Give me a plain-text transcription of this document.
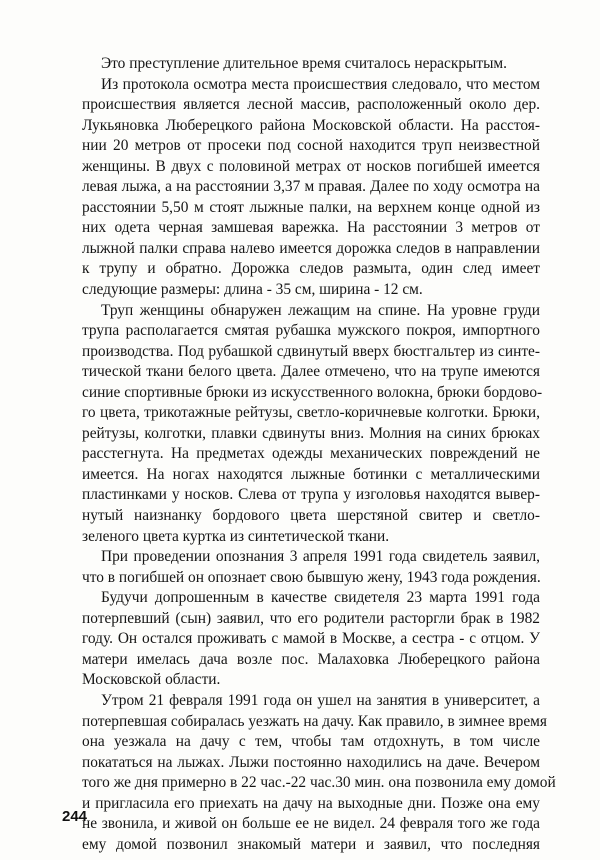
Это преступление длительное время считалось нераскрытым.
Из протокола осмотра места происшествия следовало, что местом
происшествия является лесной массив, расположенный около дер.
Лукьяновка Люберецкого района Московской области. На расстоя-
нии 20 метров от просеки под сосной находится труп неизвестной
женщины. В двух с половиной метрах от носков погибшей имеется
левая лыжа, а на расстоянии 3,37 м правая. Далее по ходу осмотра на
расстоянии 5,50 м стоят лыжные палки, на верхнем конце одной из
них одета черная замшевая варежка. На расстоянии 3 метров от
лыжной палки справа налево имеется дорожка следов в направлении
к трупу и обратно. Дорожка следов размыта, один след имеет
следующие размеры: длина - 35 см, ширина - 12 см.
Труп женщины обнаружен лежащим на спине. На уровне груди
трупа располагается смятая рубашка мужского покроя, импортного
производства. Под рубашкой сдвинутый вверх бюстгальтер из синте-
тической ткани белого цвета. Далее отмечено, что на трупе имеются
синие спортивные брюки из искусственного волокна, брюки бордово-
го цвета, трикотажные рейтузы, светло-коричневые колготки. Брюки,
рейтузы, колготки, плавки сдвинуты вниз. Молния на синих брюках
расстегнута. На предметах одежды механических повреждений не
имеется. На ногах находятся лыжные ботинки с металлическими
пластинками у носков. Слева от трупа у изголовья находятся вывер-
нутый наизнанку бордового цвета шерстяной свитер и светло-
зеленого цвета куртка из синтетической ткани.
При проведении опознания 3 апреля 1991 года свидетель заявил,
что в погибшей он опознает свою бывшую жену, 1943 года рождения.
Будучи допрошенным в качестве свидетеля 23 марта 1991 года
потерпевший (сын) заявил, что его родители расторгли брак в 1982
году. Он остался проживать с мамой в Москве, а сестра - с отцом. У
матери имелась дача возле пос. Малаховка Люберецкого района
Московской области.
Утром 21 февраля 1991 года он ушел на занятия в университет, а
потерпевшая собиралась уезжать на дачу. Как правило, в зимнее время
она уезжала на дачу с тем, чтобы там отдохнуть, в том числе
покататься на лыжах. Лыжи постоянно находились на даче. Вечером
того же дня примерно в 22 час.-22 час.30 мин. она позвонила ему домой
и пригласила его приехать на дачу на выходные дни. Позже она ему
не звонила, и живой он больше ее не видел. 24 февраля того же года
ему домой позвонил знакомый матери и заявил, что последняя
244
